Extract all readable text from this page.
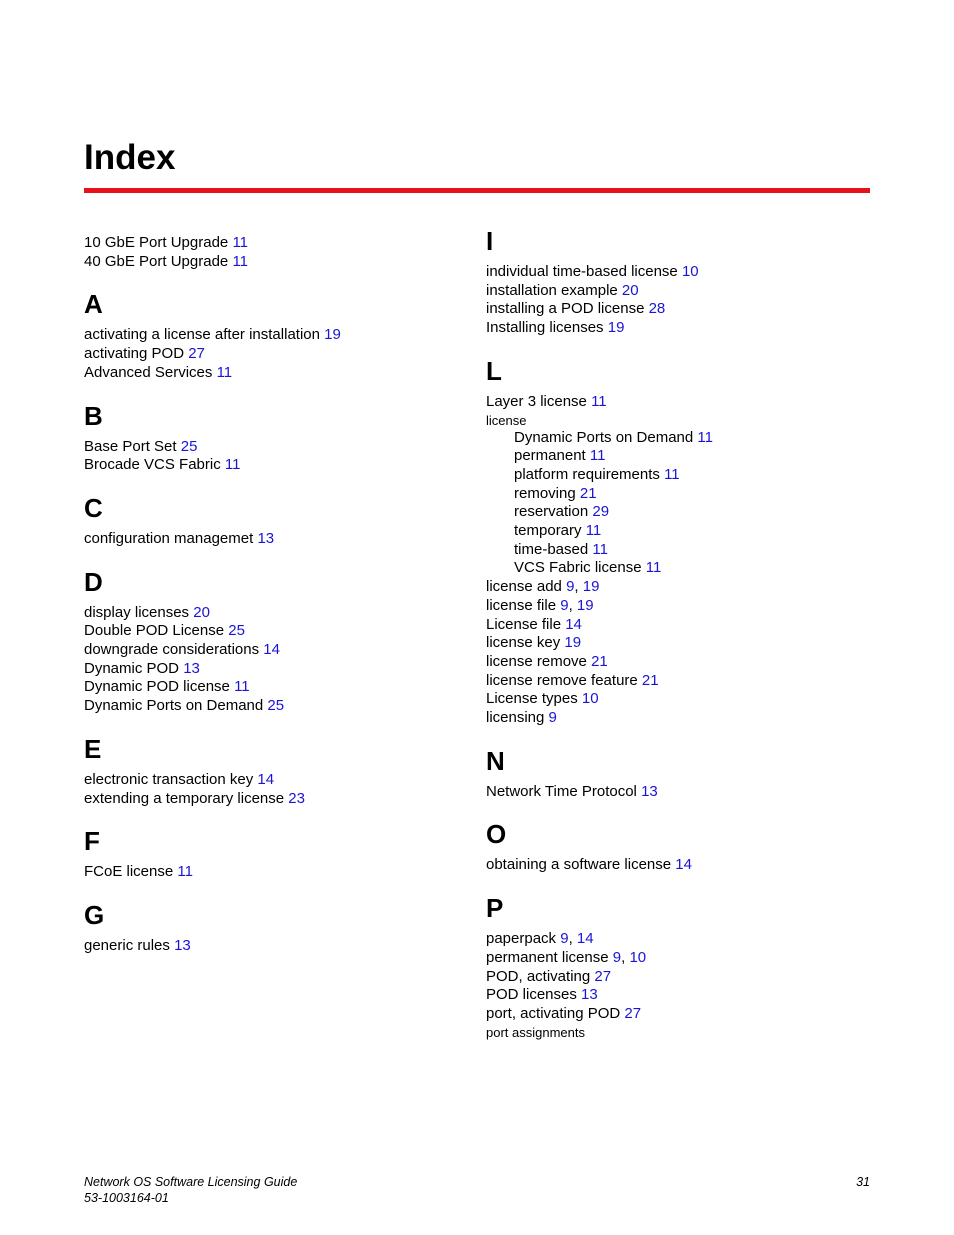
Index
10 GbE Port Upgrade 11
40 GbE Port Upgrade 11
A
activating a license after installation 19
activating POD 27
Advanced Services 11
B
Base Port Set 25
Brocade VCS Fabric 11
C
configuration managemet 13
D
display licenses 20
Double POD License 25
downgrade considerations 14
Dynamic POD 13
Dynamic POD license 11
Dynamic Ports on Demand 25
E
electronic transaction key 14
extending a temporary license 23
F
FCoE license 11
G
generic rules 13
I
individual time-based license 10
installation example 20
installing a POD license 28
Installing licenses 19
L
Layer 3 license 11
license
Dynamic Ports on Demand 11
permanent 11
platform requirements 11
removing 21
reservation 29
temporary 11
time-based 11
VCS Fabric license 11
license add 9, 19
license file 9, 19
License file 14
license key 19
license remove 21
license remove feature 21
License types 10
licensing 9
N
Network Time Protocol 13
O
obtaining a software license 14
P
paperpack 9, 14
permanent license 9, 10
POD, activating 27
POD licenses 13
port, activating POD 27
port assignments
Network OS Software Licensing Guide
53-1003164-01
31
